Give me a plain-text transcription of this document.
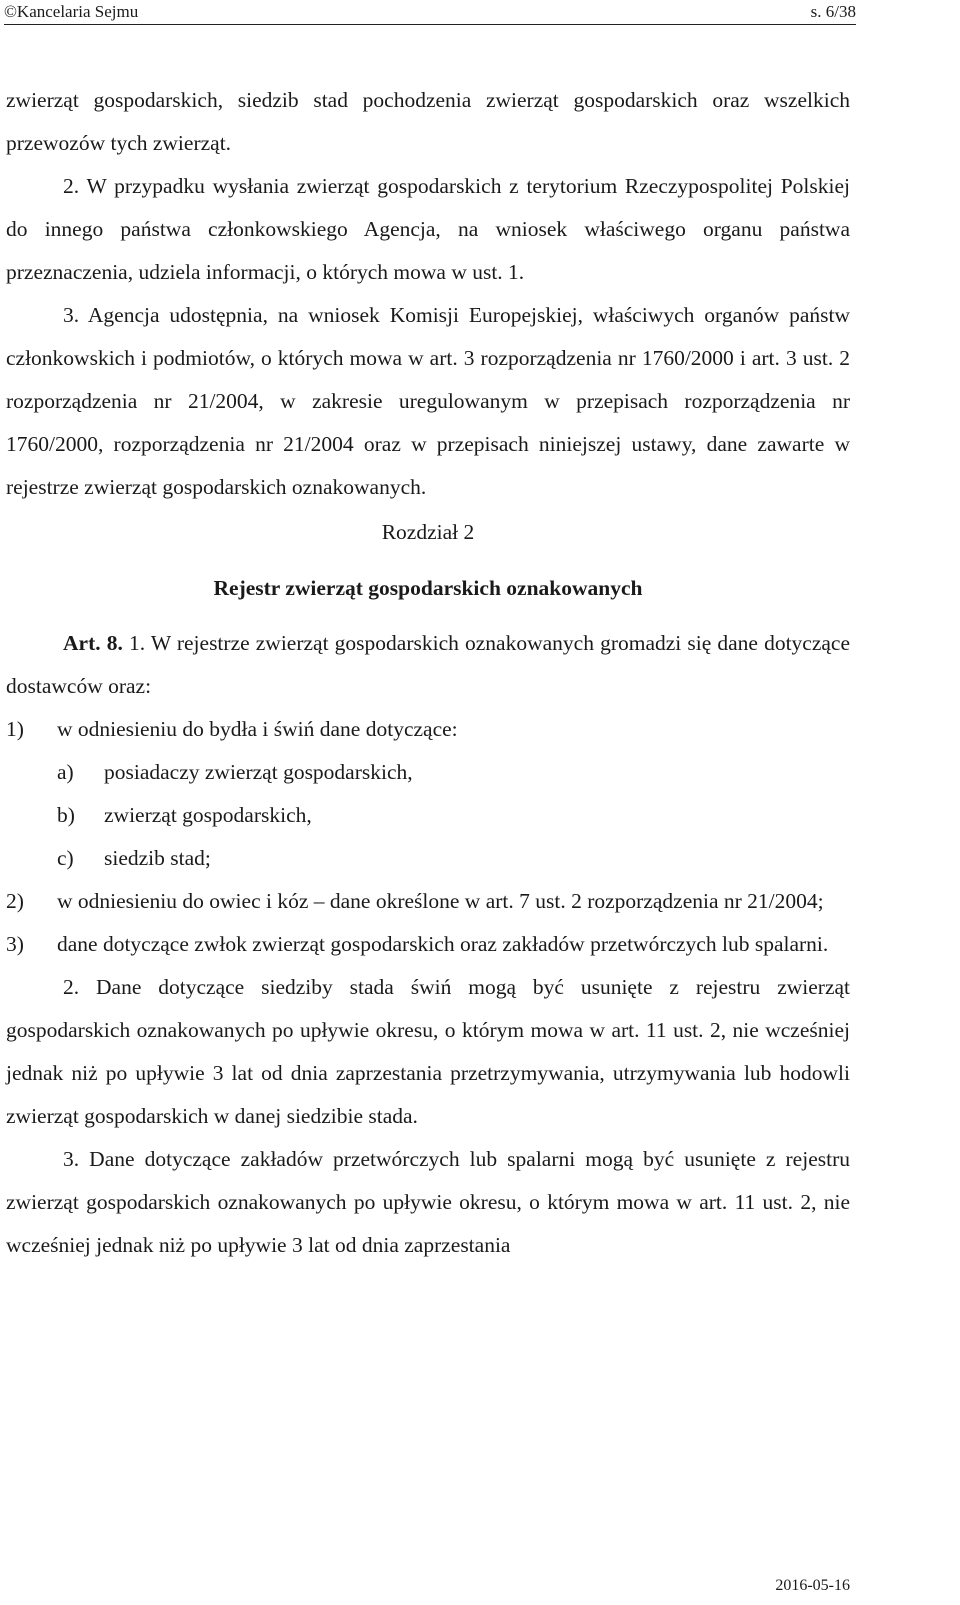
©Kancelaria Sejmu	s. 6/38

zwierząt gospodarskich, siedzib stad pochodzenia zwierząt gospodarskich oraz wszelkich przewozów tych zwierząt.

2. W przypadku wysłania zwierząt gospodarskich z terytorium Rzeczypospolitej Polskiej do innego państwa członkowskiego Agencja, na wniosek właściwego organu państwa przeznaczenia, udziela informacji, o których mowa w ust. 1.

3. Agencja udostępnia, na wniosek Komisji Europejskiej, właściwych organów państw członkowskich i podmiotów, o których mowa w art. 3 rozporządzenia nr 1760/2000 i art. 3 ust. 2 rozporządzenia nr 21/2004, w zakresie uregulowanym w przepisach rozporządzenia nr 1760/2000, rozporządzenia nr 21/2004 oraz w przepisach niniejszej ustawy, dane zawarte w rejestrze zwierząt gospodarskich oznakowanych.

Rozdział 2

Rejestr zwierząt gospodarskich oznakowanych

Art. 8. 1. W rejestrze zwierząt gospodarskich oznakowanych gromadzi się dane dotyczące dostawców oraz:

1) w odniesieniu do bydła i świń dane dotyczące:
a) posiadaczy zwierząt gospodarskich,
b) zwierząt gospodarskich,
c) siedzib stad;
2) w odniesieniu do owiec i kóz – dane określone w art. 7 ust. 2 rozporządzenia nr 21/2004;
3) dane dotyczące zwłok zwierząt gospodarskich oraz zakładów przetwórczych lub spalarni.

2. Dane dotyczące siedziby stada świń mogą być usunięte z rejestru zwierząt gospodarskich oznakowanych po upływie okresu, o którym mowa w art. 11 ust. 2, nie wcześniej jednak niż po upływie 3 lat od dnia zaprzestania przetrzymywania, utrzymywania lub hodowli zwierząt gospodarskich w danej siedzibie stada.

3. Dane dotyczące zakładów przetwórczych lub spalarni mogą być usunięte z rejestru zwierząt gospodarskich oznakowanych po upływie okresu, o którym mowa w art. 11 ust. 2, nie wcześniej jednak niż po upływie 3 lat od dnia zaprzestania

2016-05-16
